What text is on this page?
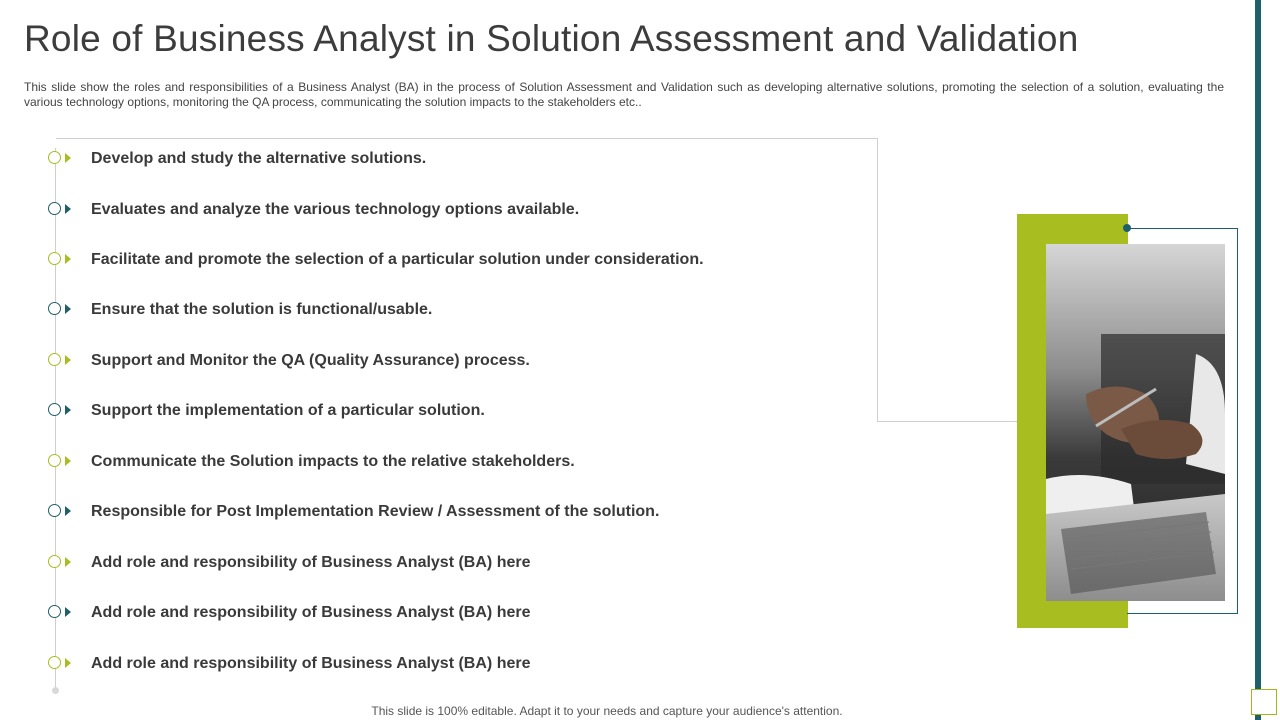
Role of Business Analyst in Solution Assessment and Validation

This slide show the roles and responsibilities of a Business Analyst (BA) in the process of Solution Assessment and Validation such as developing alternative solutions, promoting the selection of a solution, evaluating the various technology options, monitoring the QA process, communicating the solution impacts to the stakeholders etc..

Develop and study the alternative solutions.
Evaluates and analyze the various technology options available.
Facilitate and promote the selection of a particular solution under consideration.
Ensure that the solution is functional/usable.
Support and Monitor the QA (Quality Assurance) process.
Support the implementation of a particular solution.
Communicate the Solution impacts to the relative stakeholders.
Responsible for Post Implementation Review / Assessment of the solution.
Add role and responsibility of Business Analyst (BA) here
Add role and responsibility of Business Analyst (BA) here
Add role and responsibility of Business Analyst (BA) here
This slide is 100% editable. Adapt it to your needs and capture your audience's attention.
